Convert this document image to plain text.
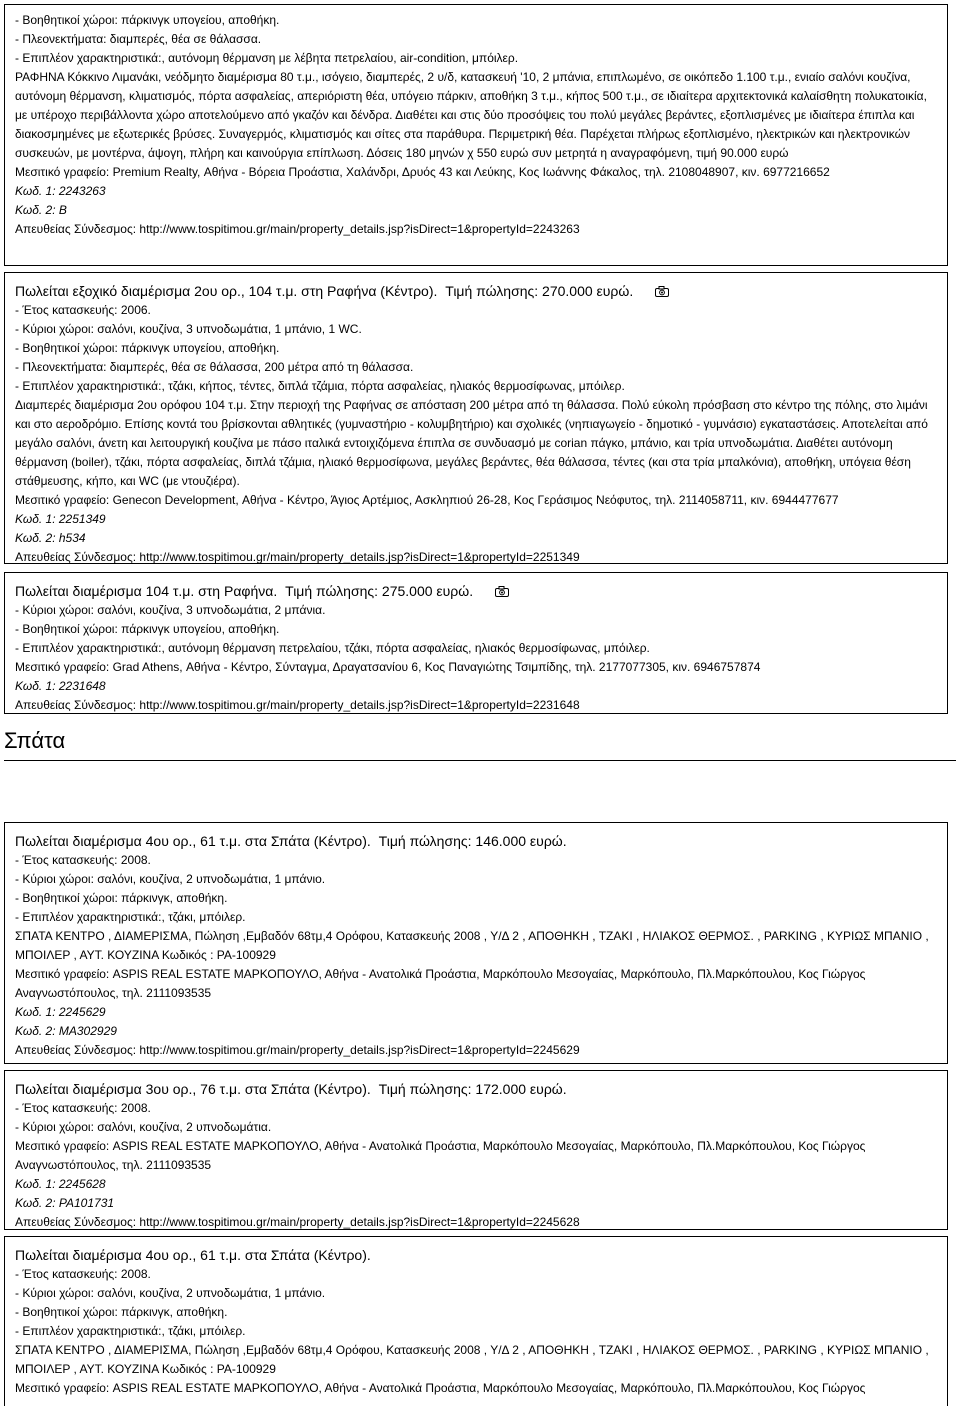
- Βοηθητικοί χώροι: πάρκινγκ υπογείου, αποθήκη.
- Πλεονεκτήματα: διαμπερές, θέα σε θάλασσα.
- Επιπλέον χαρακτηριστικά:, αυτόνομη θέρμανση με λέβητα πετρελαίου, air-condition, μπόιλερ.
ΡΑΦΗΝΑ Κόκκινο Λιμανάκι, νεόδμητο διαμέρισμα 80 τ.μ., ισόγειο, διαμπερές, 2 υ/δ, κατασκευή '10, 2 μπάνια, επιπλωμένο, σε οικόπεδο 1.100 τ.μ., ενιαίο σαλόνι κουζίνα, αυτόνομη θέρμανση, κλιματισμός, πόρτα ασφαλείας, απεριόριστη θέα, υπόγειο πάρκιν, αποθήκη 3 τ.μ., κήπος 500 τ.μ., σε ιδιαίτερα αρχιτεκτονικά καλαίσθητη πολυκατοικία, με υπέροχο περιβάλλοντα χώρο αποτελούμενο από γκαζόν και δένδρα. Διαθέτει και στις δύο προσόψεις του πολύ μεγάλες βεράντες, εξοπλισμένες με ιδιαίτερα έπιπλα και διακοσμημένες με εξωτερικές βρύσες. Συναγερμός, κλιματισμός και σίτες στα παράθυρα. Περιμετρική θέα. Παρέχεται πλήρως εξοπλισμένο, ηλεκτρικών και ηλεκτρονικών συσκευών, με μοντέρνα, άψογη, πλήρη και καινούργια επίπλωση. Δόσεις 180 μηνών χ 550 ευρώ συν μετρητά η αναγραφόμενη, τιμή 90.000 ευρώ
Μεσιτικό γραφείο: Premium Realty, Αθήνα - Βόρεια Προάστια, Χαλάνδρι, Δρυός 43 και Λεύκης, Κος Ιωάννης Φάκαλος, τηλ. 2108048907, κιν. 6977216652
Κωδ. 1: 2243263
Κωδ. 2: Β
Απευθείας Σύνδεσμος: http://www.tospitimou.gr/main/property_details.jsp?isDirect=1&propertyId=2243263
Πωλείται εξοχικό διαμέρισμα 2ου ορ., 104 τ.μ. στη Ραφήνα (Κέντρο). Τιμή πώλησης: 270.000 ευρώ.
- Έτος κατασκευής: 2006.
- Κύριοι χώροι: σαλόνι, κουζίνα, 3 υπνοδωμάτια, 1 μπάνιο, 1 WC.
- Βοηθητικοί χώροι: πάρκινγκ υπογείου, αποθήκη.
- Πλεονεκτήματα: διαμπερές, θέα σε θάλασσα, 200 μέτρα από τη θάλασσα.
- Επιπλέον χαρακτηριστικά:, τζάκι, κήπος, τέντες, διπλά τζάμια, πόρτα ασφαλείας, ηλιακός θερμοσίφωνας, μπόιλερ.
Διαμπερές διαμέρισμα 2ου ορόφου 104 τ.μ. Στην περιοχή της Ραφήνας σε απόσταση 200 μέτρα από τη θάλασσα. Πολύ εύκολη πρόσβαση στο κέντρο της πόλης, στο λιμάνι και στο αεροδρόμιο. Επίσης κοντά του βρίσκονται αθλητικές (γυμναστήριο - κολυμβητήριο) και σχολικές (νηπιαγωγείο - δημοτικό - γυμνάσιο) εγκαταστάσεις. Αποτελείται από μεγάλο σαλόνι, άνετη και λειτουργική κουζίνα με πάσο ιταλικά εντοιχιζόμενα έπιπλα σε συνδυασμό με corian πάγκο, μπάνιο, και τρία υπνοδωμάτια. Διαθέτει αυτόνομη θέρμανση (boiler), τζάκι, πόρτα ασφαλείας, διπλά τζάμια, ηλιακό θερμοσίφωνα, μεγάλες βεράντες, θέα θάλασσα, τέντες (και στα τρία μπαλκόνια), αποθήκη, υπόγεια θέση στάθμευσης, κήπο, και WC (με ντουζιέρα).
Μεσιτικό γραφείο: Genecon Development, Αθήνα - Κέντρο, Άγιος Αρτέμιος, Ασκληπιού 26-28, Κος Γεράσιμος Νεόφυτος, τηλ. 2114058711, κιν. 6944477677
Κωδ. 1: 2251349
Κωδ. 2: h534
Απευθείας Σύνδεσμος: http://www.tospitimou.gr/main/property_details.jsp?isDirect=1&propertyId=2251349
Πωλείται διαμέρισμα 104 τ.μ. στη Ραφήνα. Τιμή πώλησης: 275.000 ευρώ.
- Κύριοι χώροι: σαλόνι, κουζίνα, 3 υπνοδωμάτια, 2 μπάνια.
- Βοηθητικοί χώροι: πάρκινγκ υπογείου, αποθήκη.
- Επιπλέον χαρακτηριστικά:, αυτόνομη θέρμανση πετρελαίου, τζάκι, πόρτα ασφαλείας, ηλιακός θερμοσίφωνας, μπόιλερ.
Μεσιτικό γραφείο: Grad Athens, Αθήνα - Κέντρο, Σύνταγμα, Δραγατσανίου 6, Κος Παναγιώτης Τσιμπίδης, τηλ. 2177077305, κιν. 6946757874
Κωδ. 1: 2231648
Απευθείας Σύνδεσμος: http://www.tospitimou.gr/main/property_details.jsp?isDirect=1&propertyId=2231648
Σπάτα
Πωλείται διαμέρισμα 4ου ορ., 61 τ.μ. στα Σπάτα (Κέντρο). Τιμή πώλησης: 146.000 ευρώ.
- Έτος κατασκευής: 2008.
- Κύριοι χώροι: σαλόνι, κουζίνα, 2 υπνοδωμάτια, 1 μπάνιο.
- Βοηθητικοί χώροι: πάρκινγκ, αποθήκη.
- Επιπλέον χαρακτηριστικά:, τζάκι, μπόιλερ.
ΣΠΑΤΑ ΚΕΝΤΡΟ , ΔΙΑΜΕΡΙΣΜΑ, Πώληση ,Εμβαδόν 68τμ,4 Ορόφου, Κατασκευής 2008 , Υ/Δ 2 , ΑΠΟΘΗΚΗ , ΤΖΑΚΙ , ΗΛΙΑΚΟΣ ΘΕΡΜΟΣ. , PARKING , ΚΥΡΙΩΣ ΜΠΑΝΙΟ , ΜΠΟΙΛΕΡ , ΑΥΤ. ΚΟΥΖΙΝΑ Κωδικός : PA-100929
Μεσιτικό γραφείο: ASPIS REAL ESTATE ΜΑΡΚΟΠΟΥΛΟ, Αθήνα - Ανατολικά Προάστια, Μαρκόπουλο Μεσογαίας, Μαρκόπουλο, Πλ.Μαρκόπουλου, Κος Γιώργος Αναγνωστόπουλος, τηλ. 2111093535
Κωδ. 1: 2245629
Κωδ. 2: MA302929
Απευθείας Σύνδεσμος: http://www.tospitimou.gr/main/property_details.jsp?isDirect=1&propertyId=2245629
Πωλείται διαμέρισμα 3ου ορ., 76 τ.μ. στα Σπάτα (Κέντρο). Τιμή πώλησης: 172.000 ευρώ.
- Έτος κατασκευής: 2008.
- Κύριοι χώροι: σαλόνι, κουζίνα, 2 υπνοδωμάτια.
Μεσιτικό γραφείο: ASPIS REAL ESTATE ΜΑΡΚΟΠΟΥΛΟ, Αθήνα - Ανατολικά Προάστια, Μαρκόπουλο Μεσογαίας, Μαρκόπουλο, Πλ.Μαρκόπουλου, Κος Γιώργος Αναγνωστόπουλος, τηλ. 2111093535
Κωδ. 1: 2245628
Κωδ. 2: PA101731
Απευθείας Σύνδεσμος: http://www.tospitimou.gr/main/property_details.jsp?isDirect=1&propertyId=2245628
Πωλείται διαμέρισμα 4ου ορ., 61 τ.μ. στα Σπάτα (Κέντρο).
- Έτος κατασκευής: 2008.
- Κύριοι χώροι: σαλόνι, κουζίνα, 2 υπνοδωμάτια, 1 μπάνιο.
- Βοηθητικοί χώροι: πάρκινγκ, αποθήκη.
- Επιπλέον χαρακτηριστικά:, τζάκι, μπόιλερ.
ΣΠΑΤΑ ΚΕΝΤΡΟ , ΔΙΑΜΕΡΙΣΜΑ, Πώληση ,Εμβαδόν 68τμ,4 Ορόφου, Κατασκευής 2008 , Υ/Δ 2 , ΑΠΟΘΗΚΗ , ΤΖΑΚΙ , ΗΛΙΑΚΟΣ ΘΕΡΜΟΣ. , PARKING , ΚΥΡΙΩΣ ΜΠΑΝΙΟ , ΜΠΟΙΛΕΡ , ΑΥΤ. ΚΟΥΖΙΝΑ Κωδικός : PA-100929
Μεσιτικό γραφείο: ASPIS REAL ESTATE ΜΑΡΚΟΠΟΥΛΟ, Αθήνα - Ανατολικά Προάστια, Μαρκόπουλο Μεσογαίας, Μαρκόπουλο, Πλ.Μαρκόπουλου, Κος Γιώργος
